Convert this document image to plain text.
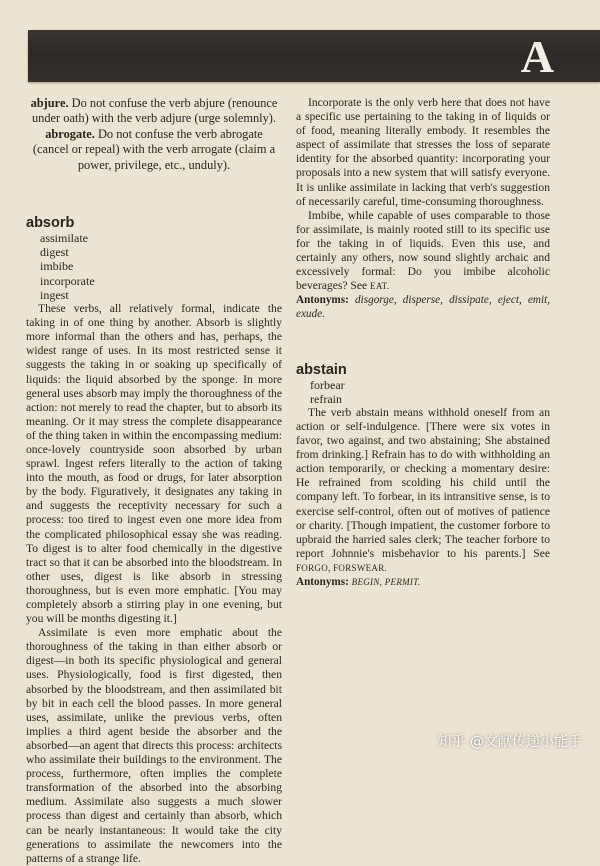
A

abjure. Do not confuse the verb abjure (renounce under oath) with the verb adjure (urge solemnly).

abrogate. Do not confuse the verb abrogate (cancel or repeal) with the verb arrogate (claim a power, privilege, etc., unduly).

absorb
assimilate
digest
imbibe
incorporate
ingest

These verbs, all relatively formal, indicate the taking in of one thing by another. Absorb is slightly more informal than the others and has, perhaps, the widest range of uses. In its most restricted sense it suggests the taking in or soaking up specifically of liquids: the liquid absorbed by the sponge. In more general uses absorb may imply the thoroughness of the action: not merely to read the chapter, but to absorb its meaning. Or it may stress the complete disappearance of the thing taken in within the encompassing medium: once-lovely countryside soon absorbed by urban sprawl. Ingest refers literally to the action of taking into the mouth, as food or drugs, for later absorption by the body. Figuratively, it designates any taking in and suggests the receptivity necessary for such a process: too tired to ingest even one more idea from the complicated philosophical essay she was reading. To digest is to alter food chemically in the digestive tract so that it can be absorbed into the bloodstream. In other uses, digest is like absorb in stressing thoroughness, but is even more emphatic. [You may completely absorb a stirring play in one evening, but you will be months digesting it.]

Assimilate is even more emphatic about the thoroughness of the taking in than either absorb or digest—in both its specific physiological and general uses. Physiologically, food is first digested, then absorbed by the bloodstream, and then assimilated bit by bit in each cell the blood passes. In more general uses, assimilate, unlike the previous verbs, often implies a third agent beside the absorber and the absorbed—an agent that directs this process: architects who assimilate their buildings to the environment. The process, furthermore, often implies the complete transformation of the absorbed into the absorbing medium. Assimilate also suggests a much slower process than digest and certainly than absorb, which can be nearly instantaneous: It would take the city generations to assimilate the newcomers into the patterns of a strange life.

Incorporate is the only verb here that does not have a specific use pertaining to the taking in of liquids or of food, meaning literally embody. It resembles the aspect of assimilate that stresses the loss of separate identity for the absorbed quantity: incorporating your proposals into a new system that will satisfy everyone. It is unlike assimilate in lacking that verb's suggestion of necessarily careful, time-consuming thoroughness.

Imbibe, while capable of uses comparable to those for assimilate, is mainly rooted still to its specific use for the taking in of liquids. Even this use, and certainly any others, now sound slightly archaic and excessively formal: Do you imbibe alcoholic beverages? See EAT.

Antonyms: disgorge, disperse, dissipate, eject, emit, exude.

abstain
forbear
refrain

The verb abstain means withhold oneself from an action or self-indulgence. [There were six votes in favor, two against, and two abstaining; She abstained from drinking.] Refrain has to do with withholding an action temporarily, or checking a momentary desire: He refrained from scolding his child until the company left. To forbear, in its intransitive sense, is to exercise self-control, often out of motives of patience or charity. [Though impatient, the customer forbore to upbraid the harried sales clerk; The teacher forbore to report Johnnie's misbehavior to his parents.] See FORGO, FORSWEAR.

Antonyms: BEGIN, PERMIT.

知乎 @文献传递小能手
